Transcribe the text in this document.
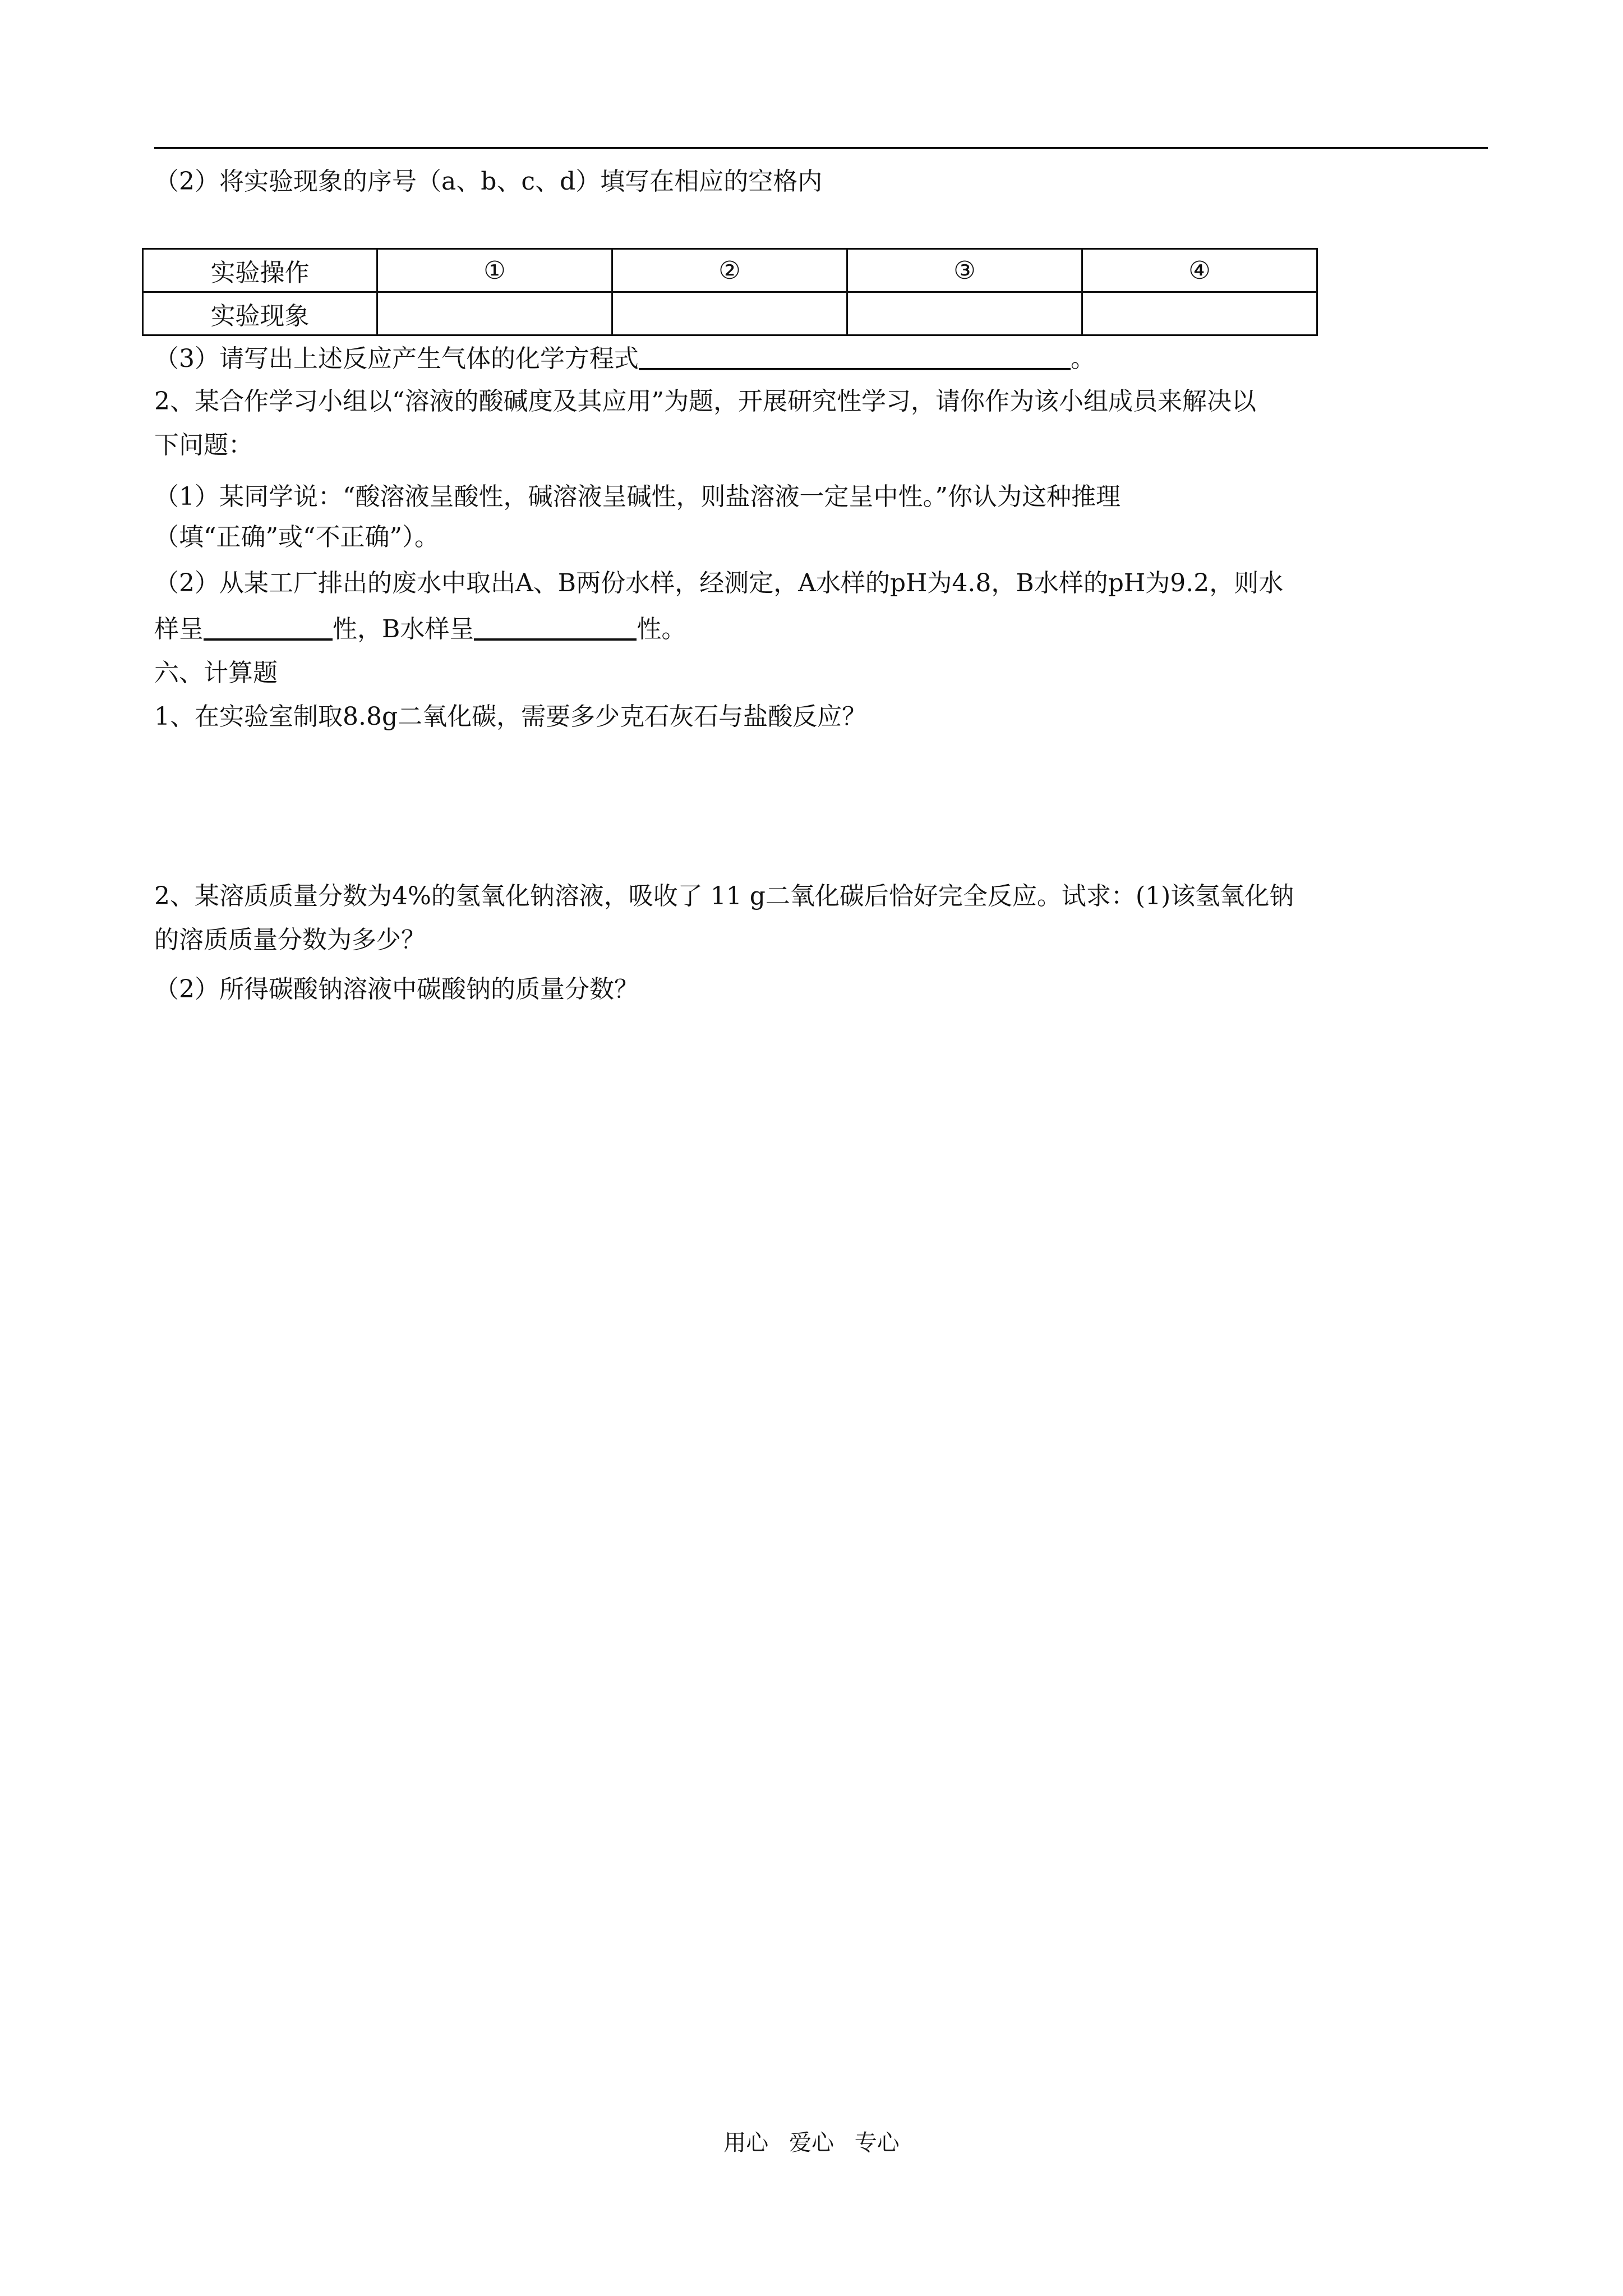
（2）将实验现象的序号（a、b、c、d）填写在相应的空格内
实验操作	①	②	③	④
实验现象				
（3）请写出上述反应产生气体的化学方程式	。
2、某合作学习小组以“溶液的酸碱度及其应用”为题，开展研究性学习，请你作为该小组成员来解决以
下问题：
（1）某同学说：“酸溶液呈酸性，碱溶液呈碱性，则盐溶液一定呈中性。”你认为这种推理
（填“正确”或“不正确”）。
（2）从某工厂排出的废水中取出A、B两份水样，经测定，A水样的pH为4.8，B水样的pH为9.2，则水
样呈	性，B水样呈	性。
六、计算题
1、在实验室制取8.8g二氧化碳，需要多少克石灰石与盐酸反应？
2、某溶质质量分数为4%的氢氧化钠溶液，吸收了 11 g二氧化碳后恰好完全反应。试求：(1)该氢氧化钠
的溶质质量分数为多少？
（2）所得碳酸钠溶液中碳酸钠的质量分数？
用心 爱心 专心
